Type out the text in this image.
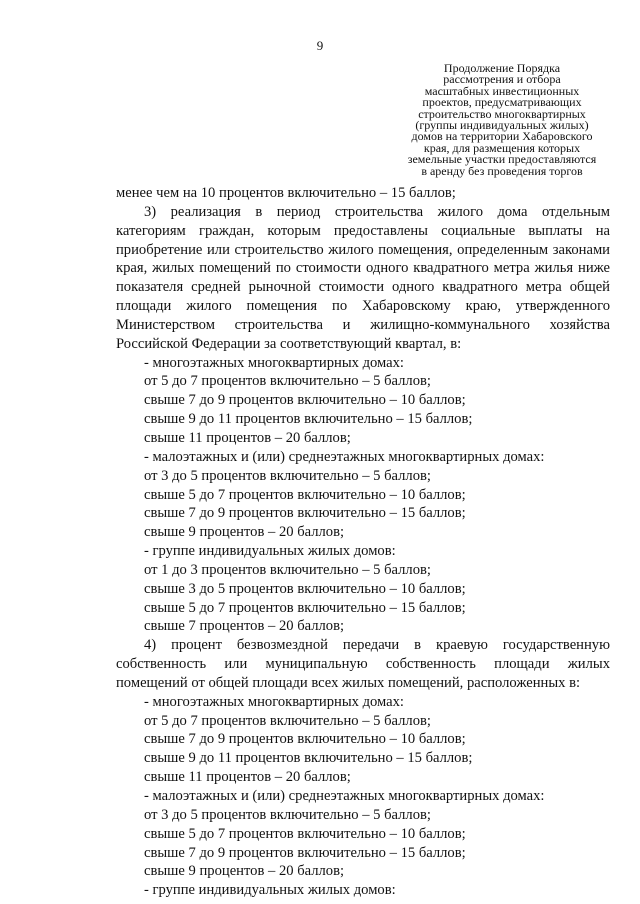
9
Продолжение Порядка
рассмотрения и отбора
масштабных инвестиционных
проектов, предусматривающих
строительство многоквартирных
(группы индивидуальных жилых)
домов на территории Хабаровского
края, для размещения которых
земельные участки предоставляются
в аренду без проведения торгов
менее чем на 10 процентов включительно – 15 баллов;
3) реализация в период строительства жилого дома отдельным
категориям граждан, которым предоставлены социальные выплаты на
приобретение или строительство жилого помещения, определенным законами
края, жилых помещений по стоимости одного квадратного метра жилья ниже
показателя средней рыночной стоимости одного квадратного метра общей
площади жилого помещения по Хабаровскому краю, утвержденного
Министерством строительства и жилищно-коммунального хозяйства
Российской Федерации за соответствующий квартал, в:
- многоэтажных многоквартирных домах:
от 5 до 7 процентов включительно – 5 баллов;
свыше 7 до 9 процентов включительно – 10 баллов;
свыше 9 до 11 процентов включительно – 15 баллов;
свыше 11 процентов – 20 баллов;
- малоэтажных и (или) среднеэтажных многоквартирных домах:
от 3 до 5 процентов включительно – 5 баллов;
свыше 5 до 7 процентов включительно – 10 баллов;
свыше 7 до 9 процентов включительно – 15 баллов;
свыше 9 процентов – 20 баллов;
- группе индивидуальных жилых домов:
от 1 до 3 процентов включительно – 5 баллов;
свыше 3 до 5 процентов включительно – 10 баллов;
свыше 5 до 7 процентов включительно – 15 баллов;
свыше 7 процентов – 20 баллов;
4) процент безвозмездной передачи в краевую государственную
собственность или муниципальную собственность площади жилых
помещений от общей площади всех жилых помещений, расположенных в:
- многоэтажных многоквартирных домах:
от 5 до 7 процентов включительно – 5 баллов;
свыше 7 до 9 процентов включительно – 10 баллов;
свыше 9 до 11 процентов включительно – 15 баллов;
свыше 11 процентов – 20 баллов;
- малоэтажных и (или) среднеэтажных многоквартирных домах:
от 3 до 5 процентов включительно – 5 баллов;
свыше 5 до 7 процентов включительно – 10 баллов;
свыше 7 до 9 процентов включительно – 15 баллов;
свыше 9 процентов – 20 баллов;
- группе индивидуальных жилых домов:
